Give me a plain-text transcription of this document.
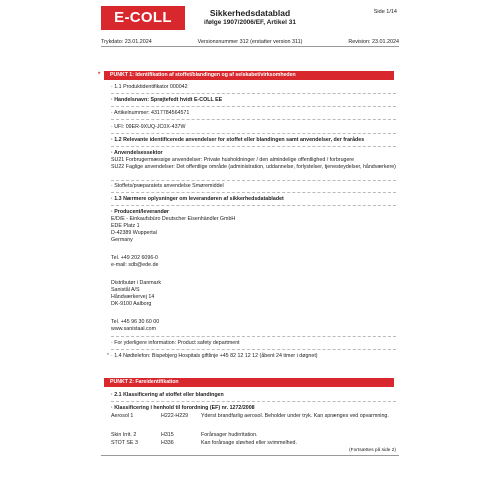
E-COLL	Sikkerhedsdatablad
ifølge 1907/2006/EF, Artikel 31
Side 1/14
Trykdato: 23.01.2024	Versionsnummer 312 (erstatter version 311)	Revision: 23.01.2024
* PUNKT 1: Identifikation af stoffet/blandingen og af selskabet/virksomheden
· 1.1 Produktidentifikator 000042
· Handelsnavn: Sprøjtefedt hvidt E-COLL EE
· Artikelnummer: 4317784564571
· UFI: 09ER-9XUQ-JC0X-437W
· 1.2 Relevante identificerede anvendelser for stoffet eller blandingen samt anvendelser, der frarådes
· Anvendelsessektor
SU21 Forbrugermæssige anvendelser: Private husholdninger / den almindelige offentlighed / forbrugere
SU22 Faglige anvendelser: Det offentlige område (administration, uddannelse, forlystelser, tjenesteydelser, håndværkere)
· Stoffets/præparatets anvendelse Smøremiddel
· 1.3 Nærmere oplysninger om leverandøren af sikkerhedsdatabladet
· Producent/leverandør
E/D/E - Einkaufsbüro Deutscher Eisenhändler GmbH
EDE Platz 1
D-42389 Wuppertal
Germany
Tel. +49 202 6096-0
e-mail: sdb@ede.de
Distributør i Danmark
Sanistål A/S
Håndværkervej 14
DK-9100 Aalborg
Tel. +45 96 30 60 00
www.sanistaal.com
· For yderligere information: Product safety department
* · 1.4 Nødtelefon: Bispebjerg Hospitals giftlinje +45 82 12 12 12 (åbent 24 timer i døgnet)
PUNKT 2: Fareidentifikation
· 2.1 Klassificering af stoffet eller blandingen
· Klassificering i henhold til forordning (EF) nr. 1272/2008
Aerosol 1	H222-H229 Yderst brandfarlig aerosol. Beholder under tryk. Kan sprænges ved opvarmning.
Skin Irrit. 2	H315	Forårsager hudirritation.
STOT SE 3	H336	Kan forårsage sløvhed eller svimmelhed.
(Fortsættes på side 2)
